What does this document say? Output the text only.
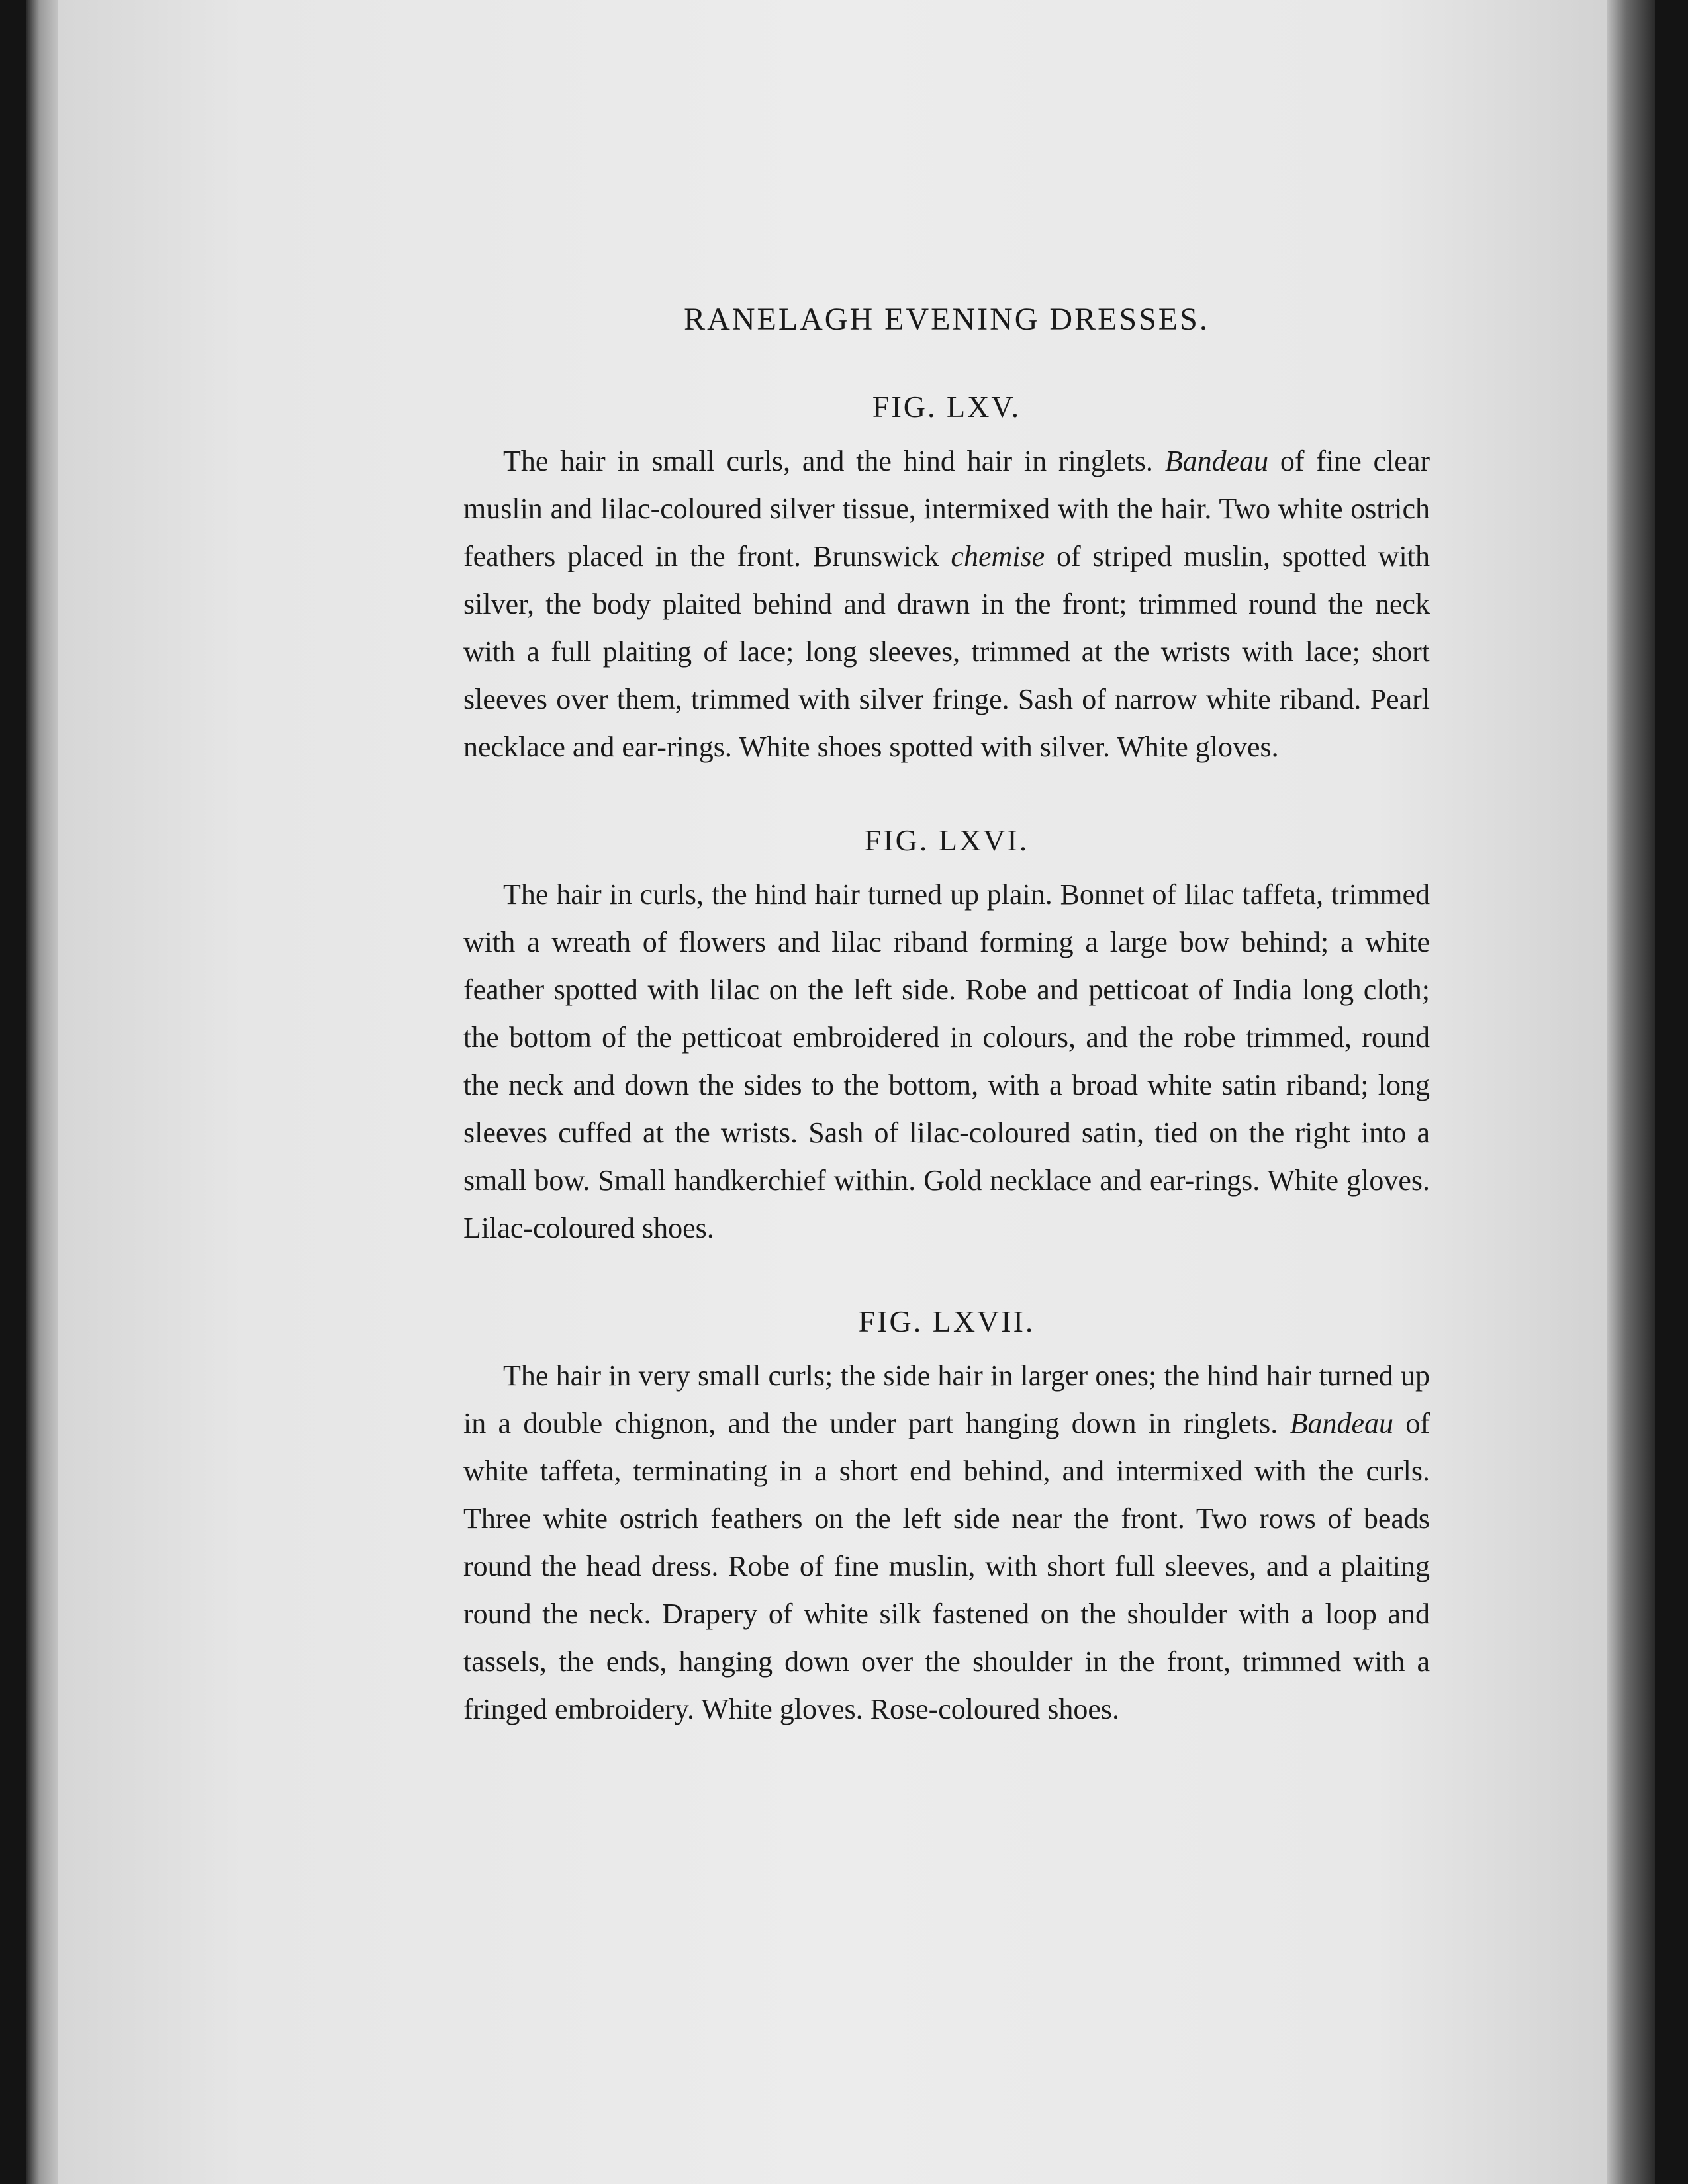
RANELAGH EVENING DRESSES.
FIG. LXV.

The hair in small curls, and the hind hair in ringlets. Bandeau of fine clear muslin and lilac-coloured silver tissue, intermixed with the hair. Two white ostrich feathers placed in the front. Brunswick chemise of striped muslin, spotted with silver, the body plaited behind and drawn in the front; trimmed round the neck with a full plaiting of lace; long sleeves, trimmed at the wrists with lace; short sleeves over them, trimmed with silver fringe. Sash of narrow white riband. Pearl necklace and ear-rings. White shoes spotted with silver. White gloves.

FIG. LXVI.

The hair in curls, the hind hair turned up plain. Bonnet of lilac taffeta, trimmed with a wreath of flowers and lilac riband forming a large bow behind; a white feather spotted with lilac on the left side. Robe and petticoat of India long cloth; the bottom of the petticoat embroidered in colours, and the robe trimmed, round the neck and down the sides to the bottom, with a broad white satin riband; long sleeves cuffed at the wrists. Sash of lilac-coloured satin, tied on the right into a small bow. Small handkerchief within. Gold necklace and ear-rings. White gloves. Lilac-coloured shoes.

FIG. LXVII.

The hair in very small curls; the side hair in larger ones; the hind hair turned up in a double chignon, and the under part hanging down in ringlets. Bandeau of white taffeta, terminating in a short end behind, and intermixed with the curls. Three white ostrich feathers on the left side near the front. Two rows of beads round the head dress. Robe of fine muslin, with short full sleeves, and a plaiting round the neck. Drapery of white silk fastened on the shoulder with a loop and tassels, the ends, hanging down over the shoulder in the front, trimmed with a fringed embroidery. White gloves. Rose-coloured shoes.
